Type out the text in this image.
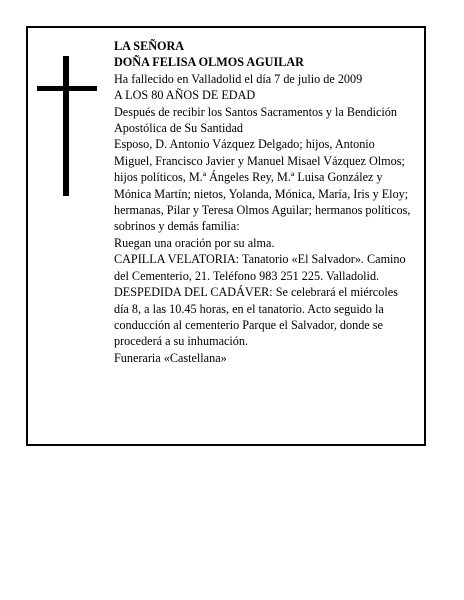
LA SEÑORA

DOÑA FELISA OLMOS AGUILAR

Ha fallecido en Valladolid el día 7 de julio de 2009

A LOS 80 AÑOS DE EDAD

Después de recibir los Santos Sacramentos y la Bendición Apostólica de Su Santidad

Esposo, D. Antonio Vázquez Delgado; hijos, Antonio Miguel, Francisco Javier y Manuel Misael Vázquez Olmos; hijos políticos, M.ª Ángeles Rey, M.ª Luisa González y Mónica Martín; nietos, Yolanda, Mónica, María, Iris y Eloy; hermanas, Pilar y Teresa Olmos Aguilar; hermanos políticos, sobrinos y demás familia:

Ruegan una oración por su alma.

CAPILLA VELATORIA: Tanatorio «El Salvador». Camino del Cementerio, 21. Teléfono 983 251 225. Valladolid.

DESPEDIDA DEL CADÁVER: Se celebrará el miércoles día 8, a las 10.45 horas, en el tanatorio. Acto seguido la conducción al cementerio Parque el Salvador, donde se procederá a su inhumación.

Funeraria «Castellana»
